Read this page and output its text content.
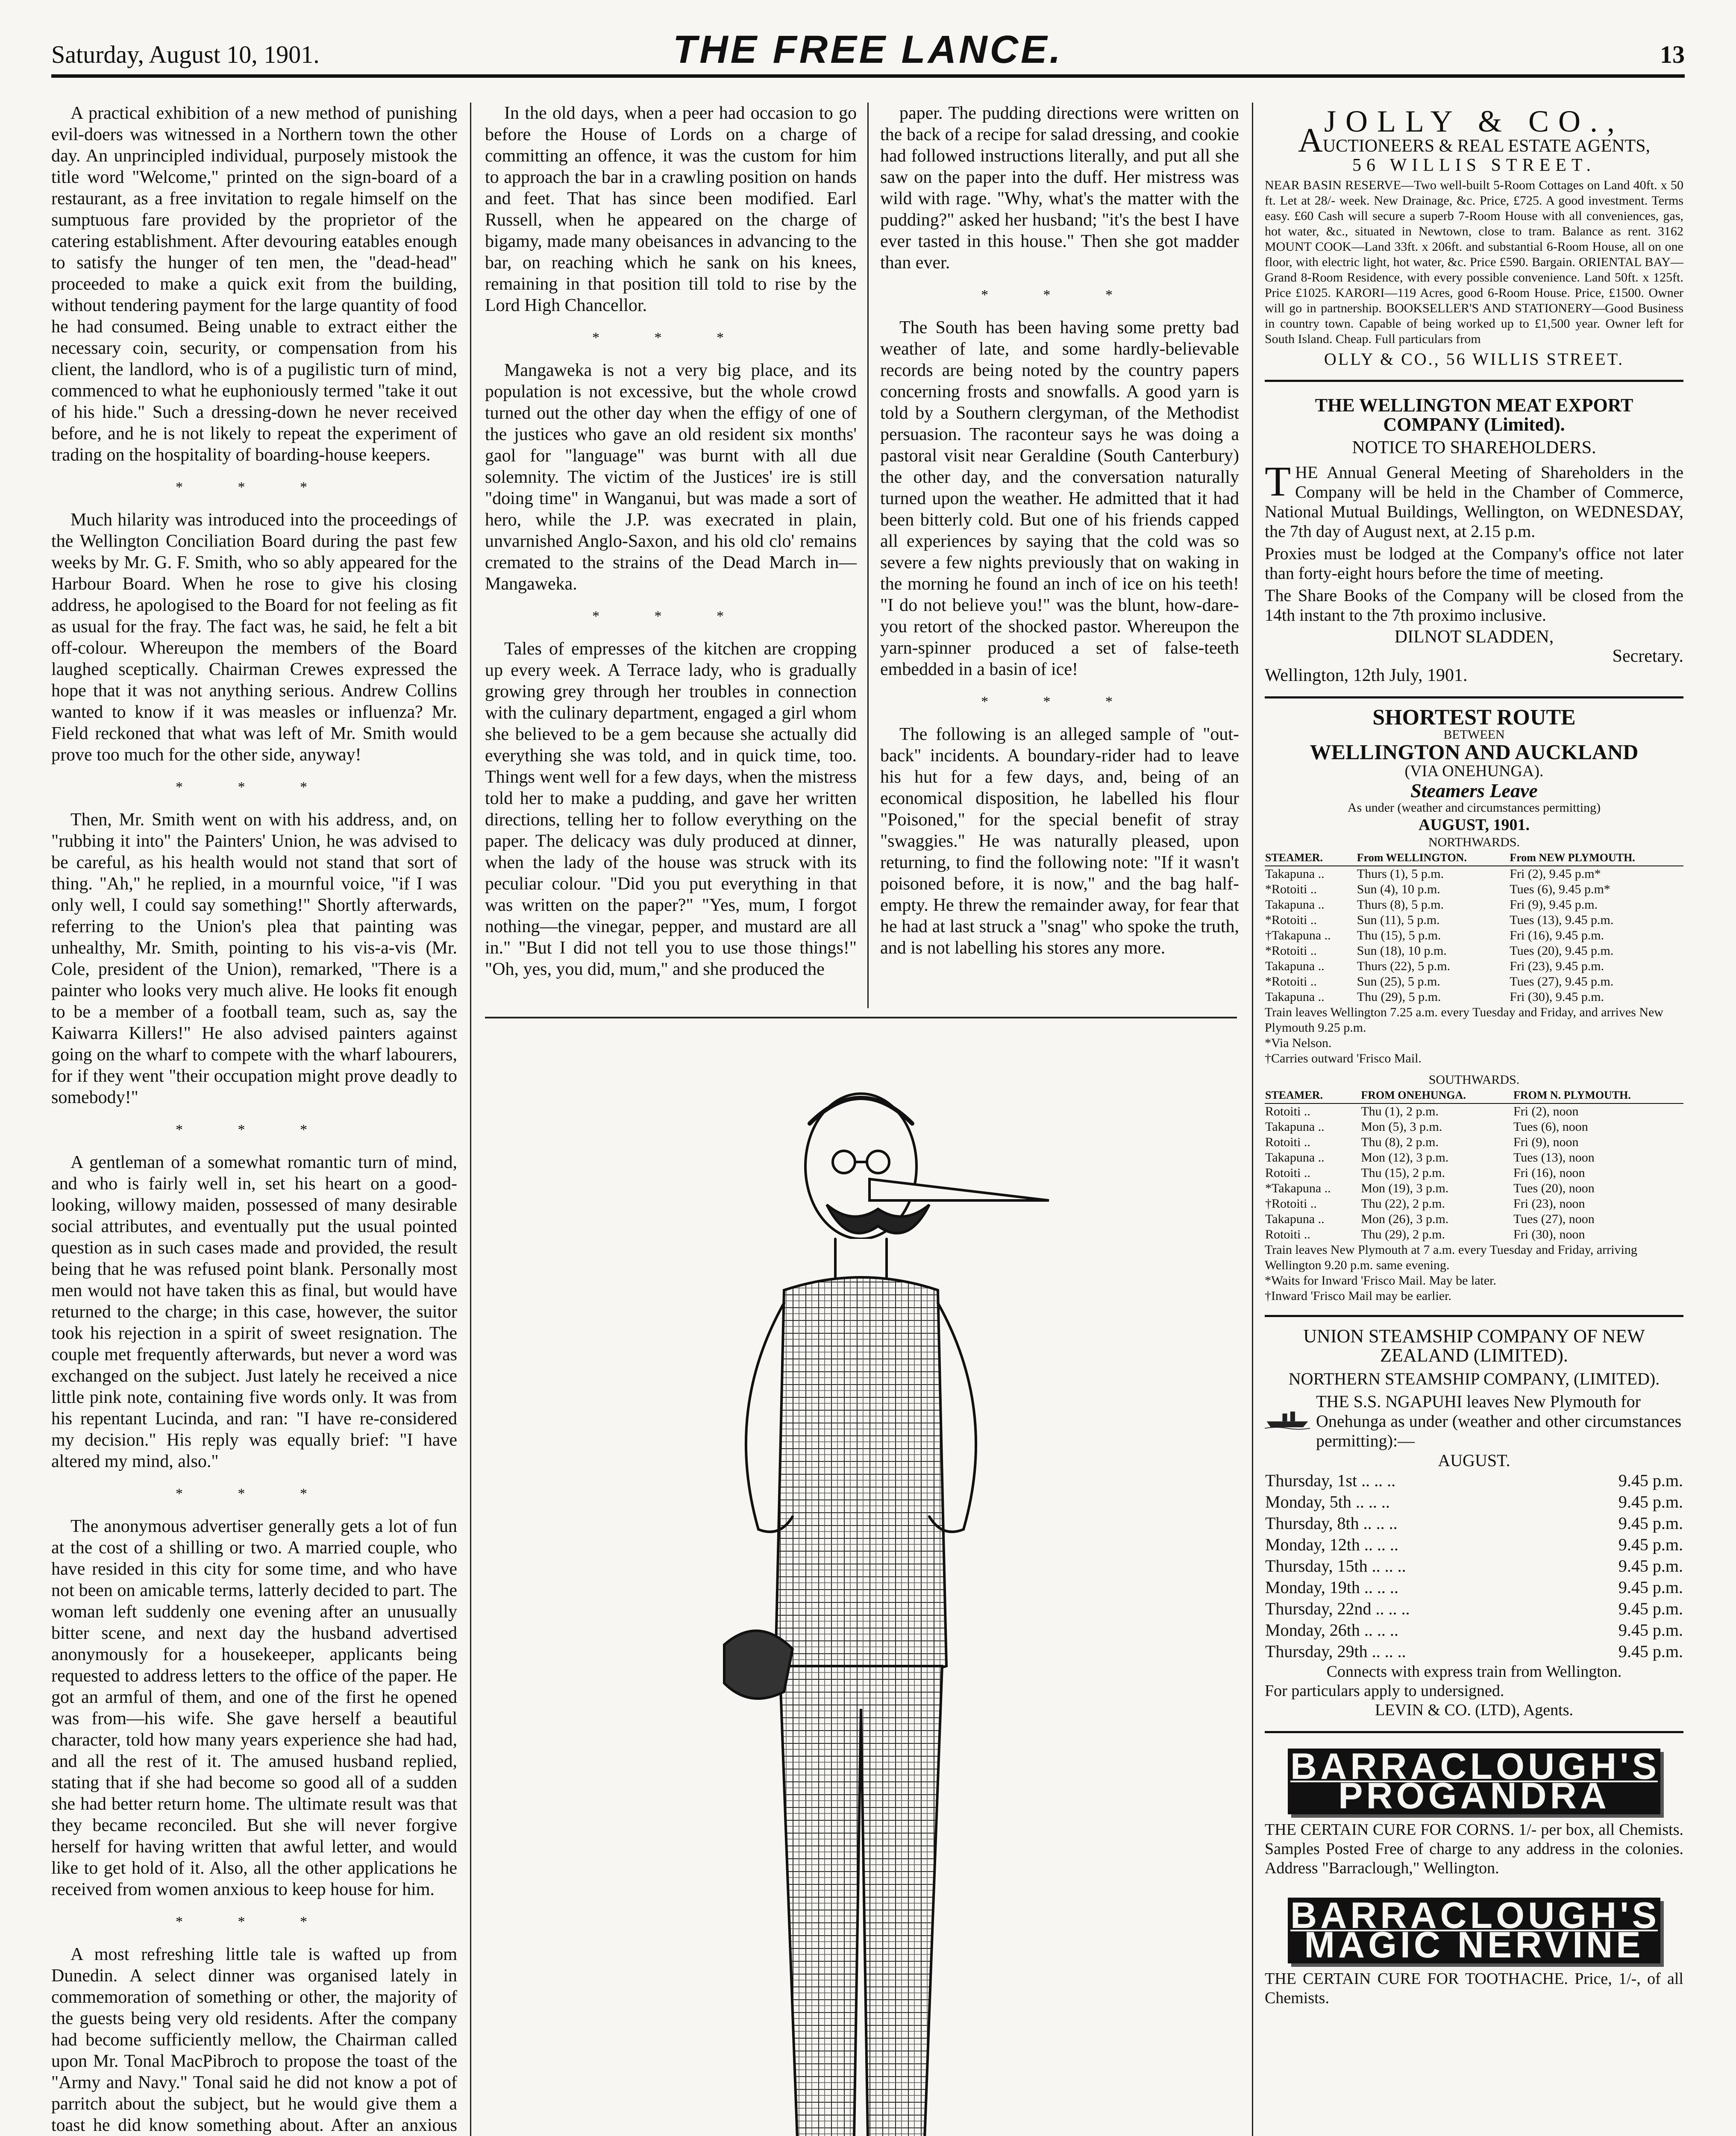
Saturday, August 10, 1901.	THE FREE LANCE.	13

A practical exhibition of a new method of punishing evil-doers was witnessed in a Northern town the other day. An unprincipled individual, purposely mistook the title word "Welcome," printed on the sign-board of a restaurant, as a free invitation to regale himself on the sumptuous fare provided by the proprietor of the catering establishment. After devouring eatables enough to satisfy the hunger of ten men, the "dead-head" proceeded to make a quick exit from the building, without tendering payment for the large quantity of food he had consumed. Being unable to extract either the necessary coin, security, or compensation from his client, the landlord, who is of a pugilistic turn of mind, commenced to what he euphoniously termed "take it out of his hide." Such a dressing-down he never received before, and he is not likely to repeat the experiment of trading on the hospitality of boarding-house keepers.

* * *

Much hilarity was introduced into the proceedings of the Wellington Conciliation Board during the past few weeks by Mr. G. F. Smith, who so ably appeared for the Harbour Board. When he rose to give his closing address, he apologised to the Board for not feeling as fit as usual for the fray. The fact was, he said, he felt a bit off-colour. Whereupon the members of the Board laughed sceptically. Chairman Crewes expressed the hope that it was not anything serious. Andrew Collins wanted to know if it was measles or influenza? Mr. Field reckoned that what was left of Mr. Smith would prove too much for the other side, anyway!

* * *

Then, Mr. Smith went on with his address, and, on "rubbing it into" the Painters' Union, he was advised to be careful, as his health would not stand that sort of thing. "Ah," he replied, in a mournful voice, "if I was only well, I could say something!" Shortly afterwards, referring to the Union's plea that painting was unhealthy, Mr. Smith, pointing to his vis-a-vis (Mr. Cole, president of the Union), remarked, "There is a painter who looks very much alive. He looks fit enough to be a member of a football team, such as, say the Kaiwarra Killers!" He also advised painters against going on the wharf to compete with the wharf labourers, for if they went "their occupation might prove deadly to somebody!"

* * *

A gentleman of a somewhat romantic turn of mind, and who is fairly well in, set his heart on a good-looking, willowy maiden, possessed of many desirable social attributes, and eventually put the usual pointed question as in such cases made and provided, the result being that he was refused point blank. Personally most men would not have taken this as final, but would have returned to the charge; in this case, however, the suitor took his rejection in a spirit of sweet resignation. The couple met frequently afterwards, but never a word was exchanged on the subject. Just lately he received a nice little pink note, containing five words only. It was from his repentant Lucinda, and ran: "I have re-considered my decision." His reply was equally brief: "I have altered my mind, also."

* * *

The anonymous advertiser generally gets a lot of fun at the cost of a shilling or two. A married couple, who have resided in this city for some time, and who have not been on amicable terms, latterly decided to part. The woman left suddenly one evening after an unusually bitter scene, and next day the husband advertised anonymously for a housekeeper, applicants being requested to address letters to the office of the paper. He got an armful of them, and one of the first he opened was from—his wife. She gave herself a beautiful character, told how many years experience she had had, and all the rest of it. The amused husband replied, stating that if she had become so good all of a sudden she had better return home. The ultimate result was that they became reconciled. But she will never forgive herself for having written that awful letter, and would like to get hold of it. Also, all the other applications he received from women anxious to keep house for him.

* * *

A most refreshing little tale is wafted up from Dunedin. A select dinner was organised lately in commemoration of something or other, the majority of the guests being very old residents. After the company had become sufficiently mellow, the Chairman called upon Mr. Tonal MacPibroch to propose the toast of the "Army and Navy." Tonal said he did not know a pot of parritch about the subject, but he would give them a toast he did know something about. After an anxious

In the old days, when a peer had occasion to go before the House of Lords on a charge of committing an offence, it was the custom for him to approach the bar in a crawling position on hands and feet. That has since been modified. Earl Russell, when he appeared on the charge of bigamy, made many obeisances in advancing to the bar, on reaching which he sank on his knees, remaining in that position till told to rise by the Lord High Chancellor.

* * *

Mangaweka is not a very big place, and its population is not excessive, but the whole crowd turned out the other day when the effigy of one of the justices who gave an old resident six months' gaol for "language" was burnt with all due solemnity. The victim of the Justices' ire is still "doing time" in Wanganui, but was made a sort of hero, while the J.P. was execrated in plain, unvarnished Anglo-Saxon, and his old clo' remains cremated to the strains of the Dead March in—Mangaweka.

* * *

Tales of empresses of the kitchen are cropping up every week. A Terrace lady, who is gradually growing grey through her troubles in connection with the culinary department, engaged a girl whom she believed to be a gem because she actually did everything she was told, and in quick time, too. Things went well for a few days, when the mistress told her to make a pudding, and gave her written directions, telling her to follow everything on the paper. The delicacy was duly produced at dinner, when the lady of the house was struck with its peculiar colour. "Did you put everything in that was written on the paper?" "Yes, mum, I forgot nothing—the vinegar, pepper, and mustard are all in." "But I did not tell you to use those things!" "Oh, yes, you did, mum," and she produced the

paper. The pudding directions were written on the back of a recipe for salad dressing, and cookie had followed instructions literally, and put all she saw on the paper into the duff. Her mistress was wild with rage. "Why, what's the matter with the pudding?" asked her husband; "it's the best I have ever tasted in this house." Then she got madder than ever.

* * *

The South has been having some pretty bad weather of late, and some hardly-believable records are being noted by the country papers concerning frosts and snowfalls. A good yarn is told by a Southern clergyman, of the Methodist persuasion. The raconteur says he was doing a pastoral visit near Geraldine (South Canterbury) the other day, and the conversation naturally turned upon the weather. He admitted that it had been bitterly cold. But one of his friends capped all experiences by saying that the cold was so severe a few nights previously that on waking in the morning he found an inch of ice on his teeth! "I do not believe you!" was the blunt, how-dare-you retort of the shocked pastor. Whereupon the yarn-spinner produced a set of false-teeth embedded in a basin of ice!

* * *

The following is an alleged sample of "out-back" incidents. A boundary-rider had to leave his hut for a few days, and, being of an economical disposition, he labelled his flour "Poisoned," for the special benefit of stray "swaggies." He was naturally pleased, upon returning, to find the following note: "If it wasn't poisoned before, it is now," and the bag half-empty. He threw the remainder away, for fear that he had at last struck a "snag" who spoke the truth, and is not labelling his stores any more.

JOLLY & CO.,
AUCTIONEERS & REAL ESTATE AGENTS,
56 WILLIS STREET.

NEAR BASIN RESERVE—Two well-built 5-Room Cottages on Land 40ft. x 50 ft. Let at 28/- week. New Drainage, &c. Price, £725. A good investment. Terms easy. £60 Cash will secure a superb 7-Room House with all conveniences, gas, hot water, &c., situated in Newtown, close to tram. Balance as rent. 3162 MOUNT COOK—Land 33ft. x 206ft. and substantial 6-Room House, all on one floor, with electric light, hot water, &c. Price £590. Bargain. ORIENTAL BAY—Grand 8-Room Residence, with every possible convenience. Land 50ft. x 125ft. Price £1025. KARORI—119 Acres, good 6-Room House. Price, £1500. Owner will go in partnership. BOOKSELLER'S AND STATIONERY—Good Business in country town. Capable of being worked up to £1,500 year. Owner left for South Island. Cheap. Full particulars from

OLLY & CO., 56 WILLIS STREET.
THE WELLINGTON MEAT EXPORT COMPANY (Limited).
NOTICE TO SHAREHOLDERS.

THE Annual General Meeting of Shareholders in the Company will be held in the Chamber of Commerce, National Mutual Buildings, Wellington, on WEDNESDAY, the 7th day of August next, at 2.15 p.m.

Proxies must be lodged at the Company's office not later than forty-eight hours before the time of meeting.

The Share Books of the Company will be closed from the 14th instant to the 7th proximo inclusive.

DILNOT SLADDEN,
Secretary.
Wellington, 12th July, 1901.
SHORTEST ROUTE
BETWEEN
WELLINGTON AND AUCKLAND
(VIA ONEHUNGA).
Steamers Leave
As under (weather and circumstances permitting)
AUGUST, 1901.
NORTHWARDS.
STEAMER.	From WELLINGTON.	From NEW PLYMOUTH.
Takapuna ..	Thurs (1), 5 p.m.	Fri (2), 9.45 p.m*
*Rotoiti ..	Sun (4), 10 p.m.	Tues (6), 9.45 p.m*
Takapuna ..	Thurs (8), 5 p.m.	Fri (9), 9.45 p.m.
*Rotoiti ..	Sun (11), 5 p.m.	Tues (13), 9.45 p.m.
†Takapuna ..	Thu (15), 5 p.m.	Fri (16), 9.45 p.m.
*Rotoiti ..	Sun (18), 10 p.m.	Tues (20), 9.45 p.m.
Takapuna ..	Thurs (22), 5 p.m.	Fri (23), 9.45 p.m.
*Rotoiti ..	Sun (25), 5 p.m.	Tues (27), 9.45 p.m.
Takapuna ..	Thu (29), 5 p.m.	Fri (30), 9.45 p.m.
Train leaves Wellington 7.25 a.m. every Tuesday and Friday, and arrives New Plymouth 9.25 p.m.
*Via Nelson.
†Carries outward 'Frisco Mail.
SOUTHWARDS.
STEAMER.	FROM ONEHUNGA.	FROM N. PLYMOUTH.
Rotoiti ..	Thu (1), 2 p.m.	Fri (2), noon
Takapuna ..	Mon (5), 3 p.m.	Tues (6), noon
Rotoiti ..	Thu (8), 2 p.m.	Fri (9), noon
Takapuna ..	Mon (12), 3 p.m.	Tues (13), noon
Rotoiti ..	Thu (15), 2 p.m.	Fri (16), noon
*Takapuna ..	Mon (19), 3 p.m.	Tues (20), noon
†Rotoiti ..	Thu (22), 2 p.m.	Fri (23), noon
Takapuna ..	Mon (26), 3 p.m.	Tues (27), noon
Rotoiti ..	Thu (29), 2 p.m.	Fri (30), noon
Train leaves New Plymouth at 7 a.m. every Tuesday and Friday, arriving Wellington 9.20 p.m. same evening.
*Waits for Inward 'Frisco Mail. May be later.
†Inward 'Frisco Mail may be earlier.
UNION STEAMSHIP COMPANY OF NEW ZEALAND (LIMITED).
NORTHERN STEAMSHIP COMPANY, (LIMITED).
THE S.S. NGAPUHI leaves New Plymouth for Onehunga as under (weather and other circumstances permitting):—
AUGUST.
Thursday, 1st .. .. ..	9.45 p.m.
Monday, 5th .. .. ..	9.45 p.m.
Thursday, 8th .. .. ..	9.45 p.m.
Monday, 12th .. .. ..	9.45 p.m.
Thursday, 15th .. .. ..	9.45 p.m.
Monday, 19th .. .. ..	9.45 p.m.
Thursday, 22nd .. .. ..	9.45 p.m.
Monday, 26th .. .. ..	9.45 p.m.
Thursday, 29th .. .. ..	9.45 p.m.
Connects with express train from Wellington.
For particulars apply to undersigned.
LEVIN & CO. (LTD), Agents.
BARRACLOUGH'S
PROGANDRA

THE CERTAIN CURE FOR CORNS. 1/- per box, all Chemists. Samples Posted Free of charge to any address in the colonies. Address "Barraclough," Wellington.

BARRACLOUGH'S
MAGIC NERVINE

THE CERTAIN CURE FOR TOOTHACHE. Price, 1/-, of all Chemists.
